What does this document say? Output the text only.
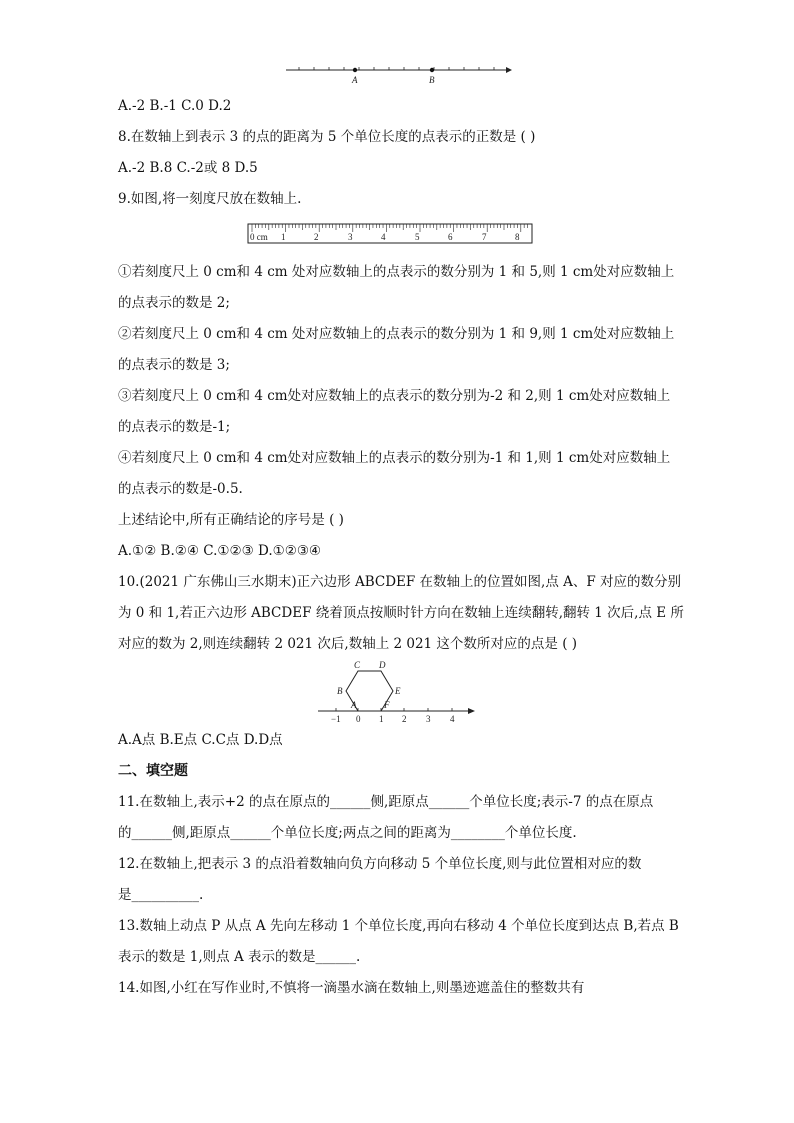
A	B
A.-2 B.-1 C.0 D.2
8.在数轴上到表示 3 的点的距离为 5 个单位长度的点表示的正数是 ( )
A.-2 B.8 C.-2或 8 D.5
9.如图,将一刻度尺放在数轴上.
0 cm 1	2	3	4	5	6	7	8
①若刻度尺上 0 cm和 4 cm 处对应数轴上的点表示的数分别为 1 和 5,则 1 cm处对应数轴上
的点表示的数是 2;
②若刻度尺上 0 cm和 4 cm 处对应数轴上的点表示的数分别为 1 和 9,则 1 cm处对应数轴上
的点表示的数是 3;
③若刻度尺上 0 cm和 4 cm处对应数轴上的点表示的数分别为-2 和 2,则 1 cm处对应数轴上
的点表示的数是-1;
④若刻度尺上 0 cm和 4 cm处对应数轴上的点表示的数分别为-1 和 1,则 1 cm处对应数轴上
的点表示的数是-0.5.
上述结论中,所有正确结论的序号是 ( )
A.①② B.②④ C.①②③ D.①②③④
10.(2021 广东佛山三水期末)正六边形 ABCDEF 在数轴上的位置如图,点 A、F 对应的数分别
为 0 和 1,若正六边形 ABCDEF 绕着顶点按顺时针方向在数轴上连续翻转,翻转 1 次后,点 E 所
对应的数为 2,则连续翻转 2 021 次后,数轴上 2 021 这个数所对应的点是 ( )
A
B
C D
E
F
−1 0 1 2 3 4
A.A点 B.E点 C.C点 D.D点
二、填空题
11.在数轴上,表示+2 的点在原点的______侧,距原点______个单位长度;表示-7 的点在原点
的______侧,距原点______个单位长度;两点之间的距离为________个单位长度.
12.在数轴上,把表示 3 的点沿着数轴向负方向移动 5 个单位长度,则与此位置相对应的数
是__________.
13.数轴上动点 P 从点 A 先向左移动 1 个单位长度,再向右移动 4 个单位长度到达点 B,若点 B
表示的数是 1,则点 A 表示的数是______.
14.如图,小红在写作业时,不慎将一滴墨水滴在数轴上,则墨迹遮盖住的整数共有
